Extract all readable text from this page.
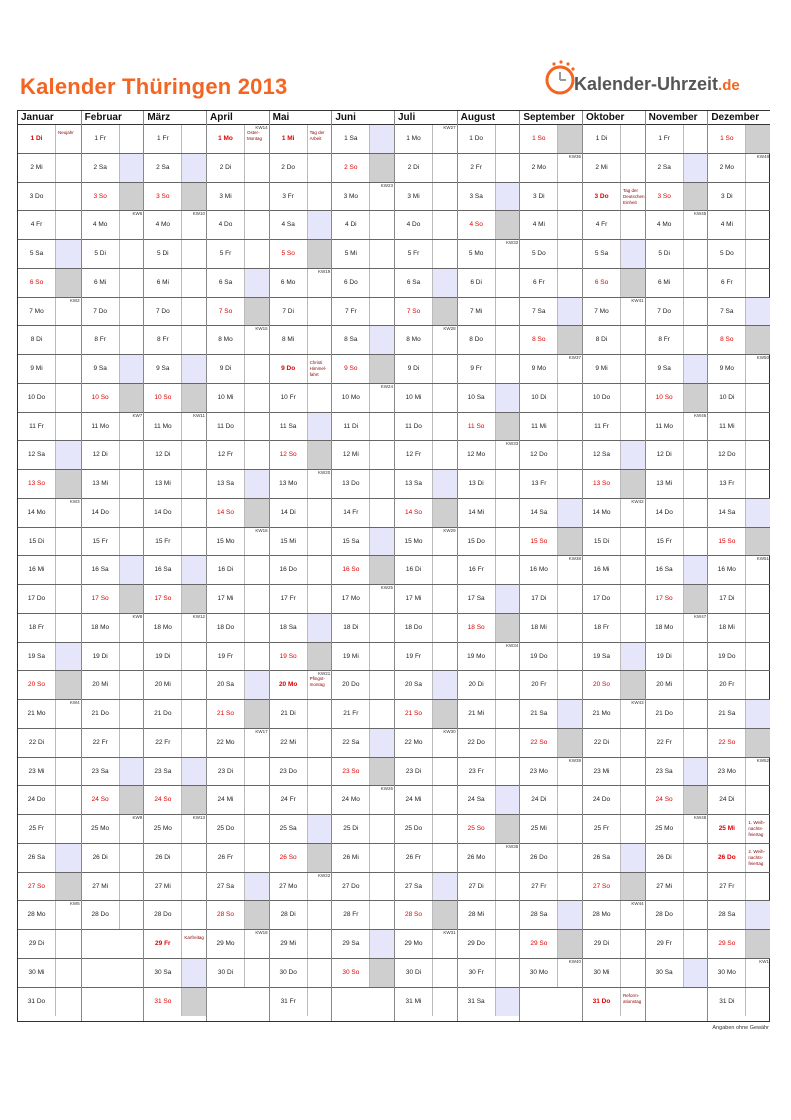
Kalender Thüringen 2013	Kalender-Uhrzeit.de
Januar
1 Di
Neujahr
2 Mi
3 Do
4 Fr
5 Sa
6 So
7 Mo
KW2
8 Di
9 Mi
10 Do
11 Fr
12 Sa
13 So
14 Mo
KW3
15 Di
16 Mi
17 Do
18 Fr
19 Sa
20 So
21 Mo
KW4
22 Di
23 Mi
24 Do
25 Fr
26 Sa
27 So
28 Mo
KW5
29 Di
30 Mi
31 Do
Februar
1 Fr
2 Sa
3 So
4 Mo
KW6
5 Di
6 Mi
7 Do
8 Fr
9 Sa
10 So
11 Mo
KW7
12 Di
13 Mi
14 Do
15 Fr
16 Sa
17 So
18 Mo
KW8
19 Di
20 Mi
21 Do
22 Fr
23 Sa
24 So
25 Mo
KW9
26 Di
27 Mi
28 Do
März
1 Fr
2 Sa
3 So
4 Mo
KW10
5 Di
6 Mi
7 Do
8 Fr
9 Sa
10 So
11 Mo
KW11
12 Di
13 Mi
14 Do
15 Fr
16 Sa
17 So
18 Mo
KW12
19 Di
20 Mi
21 Do
22 Fr
23 Sa
24 So
25 Mo
KW13
26 Di
27 Mi
28 Do
29 Fr
Karfreitag
30 Sa
31 So
April
1 Mo
KW14
Oster-Montag
2 Di
3 Mi
4 Do
5 Fr
6 Sa
7 So
8 Mo
KW15
9 Di
10 Mi
11 Do
12 Fr
13 Sa
14 So
15 Mo
KW16
16 Di
17 Mi
18 Do
19 Fr
20 Sa
21 So
22 Mo
KW17
23 Di
24 Mi
25 Do
26 Fr
27 Sa
28 So
29 Mo
KW18
30 Di
Mai
1 Mi
Tag der Arbeit
2 Do
3 Fr
4 Sa
5 So
6 Mo
KW19
7 Di
8 Mi
9 Do
Christi Himmel-fahrt
10 Fr
11 Sa
12 So
13 Mo
KW20
14 Di
15 Mi
16 Do
17 Fr
18 Sa
19 So
20 Mo
KW21
Pfingst-montag
21 Di
22 Mi
23 Do
24 Fr
25 Sa
26 So
27 Mo
KW22
28 Di
29 Mi
30 Do
31 Fr
Juni
1 Sa
2 So
3 Mo
KW23
4 Di
5 Mi
6 Do
7 Fr
8 Sa
9 So
10 Mo
KW24
11 Di
12 Mi
13 Do
14 Fr
15 Sa
16 So
17 Mo
KW25
18 Di
19 Mi
20 Do
21 Fr
22 Sa
23 So
24 Mo
KW26
25 Di
26 Mi
27 Do
28 Fr
29 Sa
30 So
Juli
1 Mo
KW27
2 Di
3 Mi
4 Do
5 Fr
6 Sa
7 So
8 Mo
KW28
9 Di
10 Mi
11 Do
12 Fr
13 Sa
14 So
15 Mo
KW29
16 Di
17 Mi
18 Do
19 Fr
20 Sa
21 So
22 Mo
KW30
23 Di
24 Mi
25 Do
26 Fr
27 Sa
28 So
29 Mo
KW31
30 Di
31 Mi
August
1 Do
2 Fr
3 Sa
4 So
5 Mo
KW32
6 Di
7 Mi
8 Do
9 Fr
10 Sa
11 So
12 Mo
KW33
13 Di
14 Mi
15 Do
16 Fr
17 Sa
18 So
19 Mo
KW34
20 Di
21 Mi
22 Do
23 Fr
24 Sa
25 So
26 Mo
KW35
27 Di
28 Mi
29 Do
30 Fr
31 Sa
September
1 So
2 Mo
KW36
3 Di
4 Mi
5 Do
6 Fr
7 Sa
8 So
9 Mo
KW37
10 Di
11 Mi
12 Do
13 Fr
14 Sa
15 So
16 Mo
KW38
17 Di
18 Mi
19 Do
20 Fr
21 Sa
22 So
23 Mo
KW39
24 Di
25 Mi
26 Do
27 Fr
28 Sa
29 So
30 Mo
KW40
Oktober
1 Di
2 Mi
3 Do
Tag der Deutschen Einheit
4 Fr
5 Sa
6 So
7 Mo
KW41
8 Di
9 Mi
10 Do
11 Fr
12 Sa
13 So
14 Mo
KW42
15 Di
16 Mi
17 Do
18 Fr
19 Sa
20 So
21 Mo
KW43
22 Di
23 Mi
24 Do
25 Fr
26 Sa
27 So
28 Mo
KW44
29 Di
30 Mi
31 Do
Reform-ationstag
November
1 Fr
2 Sa
3 So
4 Mo
KW45
5 Di
6 Mi
7 Do
8 Fr
9 Sa
10 So
11 Mo
KW46
12 Di
13 Mi
14 Do
15 Fr
16 Sa
17 So
18 Mo
KW47
19 Di
20 Mi
21 Do
22 Fr
23 Sa
24 So
25 Mo
KW48
26 Di
27 Mi
28 Do
29 Fr
30 Sa
Dezember
1 So
2 Mo
KW49
3 Di
4 Mi
5 Do
6 Fr
7 Sa
8 So
9 Mo
KW50
10 Di
11 Mi
12 Do
13 Fr
14 Sa
15 So
16 Mo
KW51
17 Di
18 Mi
19 Do
20 Fr
21 Sa
22 So
23 Mo
KW52
24 Di
25 Mi
1. Weih-nachts-feiertag
26 Do
2. Weih-nachts-feiertag
27 Fr
28 Sa
29 So
30 Mo
KW1
31 Di
Angaben ohne Gewähr
